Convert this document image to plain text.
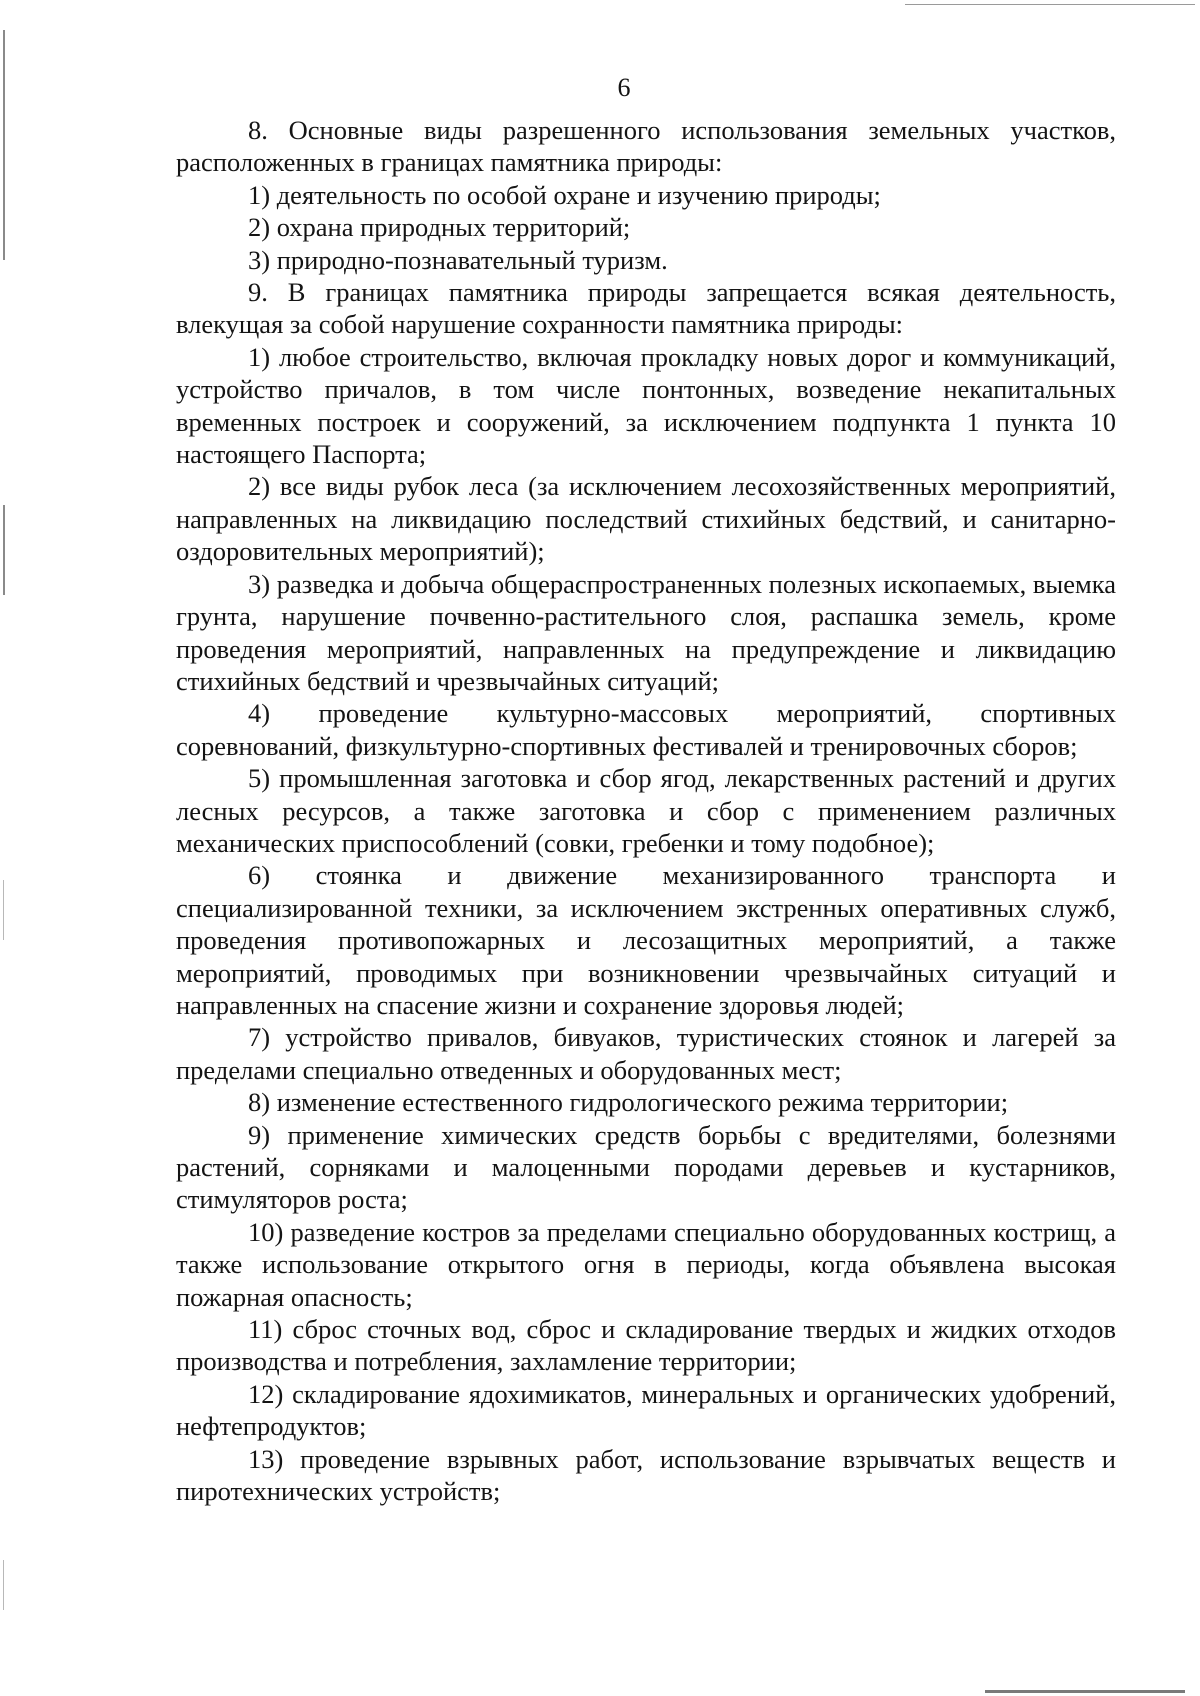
6

8. Основные виды разрешенного использования земельных участков, расположенных в границах памятника природы:

1) деятельность по особой охране и изучению природы;

2) охрана природных территорий;

3) природно-познавательный туризм.

9. В границах памятника природы запрещается всякая деятельность, влекущая за собой нарушение сохранности памятника природы:

1) любое строительство, включая прокладку новых дорог и коммуникаций, устройство причалов, в том числе понтонных, возведение некапитальных временных построек и сооружений, за исключением подпункта 1 пункта 10 настоящего Паспорта;

2) все виды рубок леса (за исключением лесохозяйственных мероприятий, направленных на ликвидацию последствий стихийных бедствий, и санитарно-оздоровительных мероприятий);

3) разведка и добыча общераспространенных полезных ископаемых, выемка грунта, нарушение почвенно-растительного слоя, распашка земель, кроме проведения мероприятий, направленных на предупреждение и ликвидацию стихийных бедствий и чрезвычайных ситуаций;

4) проведение культурно-массовых мероприятий, спортивных соревнований, физкультурно-спортивных фестивалей и тренировочных сборов;

5) промышленная заготовка и сбор ягод, лекарственных растений и других лесных ресурсов, а также заготовка и сбор с применением различных механических приспособлений (совки, гребенки и тому подобное);

6) стоянка и движение механизированного транспорта и специализированной техники, за исключением экстренных оперативных служб, проведения противопожарных и лесозащитных мероприятий, а также мероприятий, проводимых при возникновении чрезвычайных ситуаций и направленных на спасение жизни и сохранение здоровья людей;

7) устройство привалов, бивуаков, туристических стоянок и лагерей за пределами специально отведенных и оборудованных мест;

8) изменение естественного гидрологического режима территории;

9) применение химических средств борьбы с вредителями, болезнями растений, сорняками и малоценными породами деревьев и кустарников, стимуляторов роста;

10) разведение костров за пределами специально оборудованных кострищ, а также использование открытого огня в периоды, когда объявлена высокая пожарная опасность;

11) сброс сточных вод, сброс и складирование твердых и жидких отходов производства и потребления, захламление территории;

12) складирование ядохимикатов, минеральных и органических удобрений, нефтепродуктов;

13) проведение взрывных работ, использование взрывчатых веществ и пиротехнических устройств;
